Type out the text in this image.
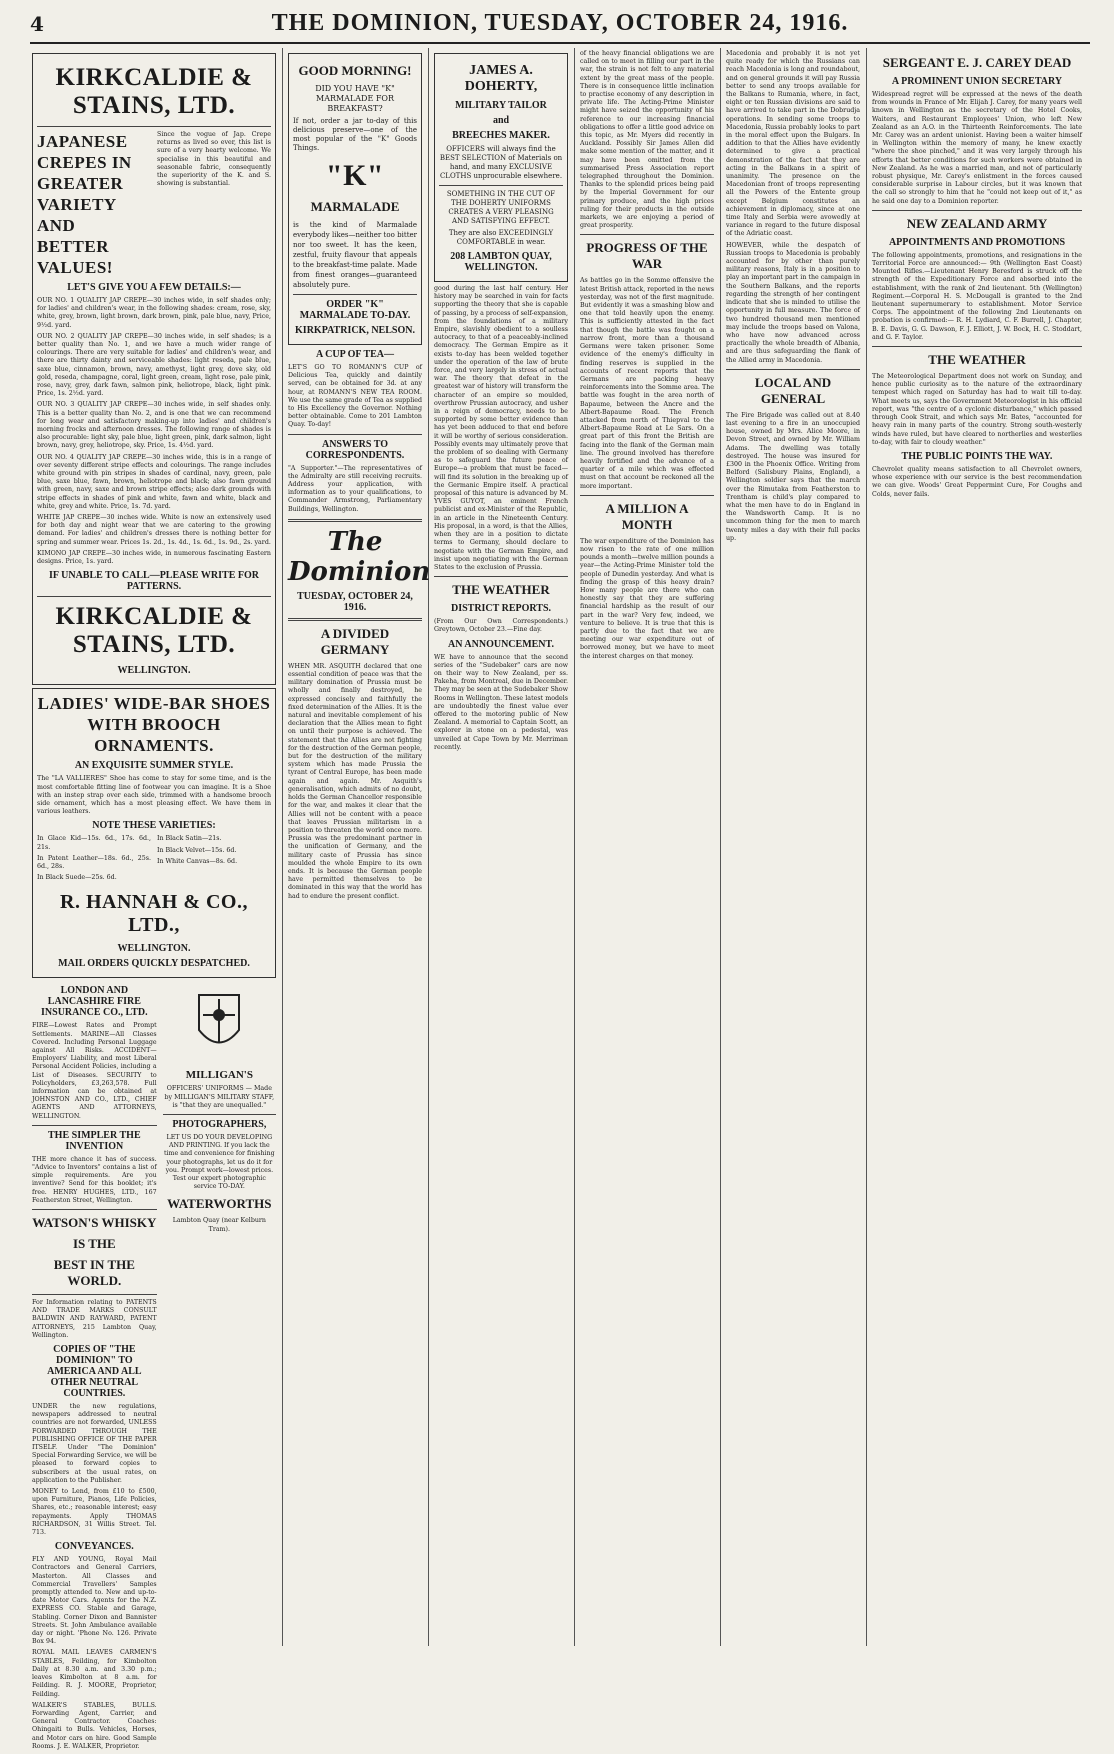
4	THE DOMINION, TUESDAY, OCTOBER 24, 1916.
KIRKCALDIE & STAINS, LTD.
JAPANESE CREPES IN GREATER VARIETY AND BETTER VALUES!
Since the vogue of Jap. Crepe returns as lived so ever, this list is sure of a very hearty welcome. We specialise in this beautiful and seasonable fabric, consequently the superiority of the K. and S. showing is substantial.
LET'S GIVE YOU A FEW DETAILS:—

OUR NO. 1 QUALITY JAP CREPE—30 inches wide, in self shades only; for ladies' and children's wear, in the following shades: cream, rose, sky, white, grey, brown, light brown, dark brown, pink, pale blue, navy, Price, 9½d. yard.

OUR NO. 2 QUALITY JAP CREPE—30 inches wide, in self shades; is a better quality than No. 1, and we have a much wider range of colourings. There are very suitable for ladies' and children's wear, and there are thirty dainty and serviceable shades: light reseda, pale blue, saxe blue, cinnamon, brown, navy, amethyst, light grey, dove sky, old gold, reseda, champagne, coral, light green, cream, light rose, pale pink, rose, navy, grey, dark fawn, salmon pink, heliotrope, black, light pink. Price, 1s. 2½d. yard.

OUR NO. 3 QUALITY JAP CREPE—30 inches wide, in self shades only. This is a better quality than No. 2, and is one that we can recommend for long wear and satisfactory making-up into ladies' and children's morning frocks and afternoon dresses. The following range of shades is also procurable: light sky, pale blue, light green, pink, dark salmon, light brown, navy, grey, heliotrope, sky. Price, 1s. 4½d. yard.

OUR NO. 4 QUALITY JAP CREPE—30 inches wide, this is in a range of over seventy different stripe effects and colourings. The range includes white ground with pin stripes in shades of cardinal, navy, green, pale blue, saxe blue, fawn, brown, heliotrope and black; also fawn ground with green, navy, saxe and brown stripe effects; also dark grounds with stripe effects in shades of pink and white, fawn and white, black and white, grey and white. Price, 1s. 7d. yard.

WHITE JAP CREPE—30 inches wide. White is now an extensively used for both day and night wear that we are catering to the growing demand. For ladies' and children's dresses there is nothing better for spring and summer wear. Prices 1s. 2d., 1s. 4d., 1s. 6d., 1s. 9d., 2s. yard.

KIMONO JAP CREPE—30 inches wide, in numerous fascinating Eastern designs. Price, 1s. yard.

IF UNABLE TO CALL—PLEASE WRITE FOR PATTERNS.
KIRKCALDIE & STAINS, LTD.
WELLINGTON.
LADIES' WIDE-BAR SHOES WITH BROOCH ORNAMENTS.
AN EXQUISITE SUMMER STYLE.

The "LA VALLIERES" Shoe has come to stay for some time, and is the most comfortable fitting line of footwear you can imagine. It is a Shoe with an instep strap over each side, trimmed with a handsome brooch side ornament, which has a most pleasing effect. We have them in various leathers.

NOTE THESE VARIETIES:

In Glace Kid—15s. 6d., 17s. 6d., 21s.

In Patent Leather—18s. 6d., 25s. 6d., 28s.

In Black Suede—25s. 6d.

In Black Satin—21s.

In Black Velvet—15s. 6d.

In White Canvas—8s. 6d.

R. HANNAH & CO., LTD.,
WELLINGTON.
MAIL ORDERS QUICKLY DESPATCHED.
LONDON AND LANCASHIRE FIRE INSURANCE CO., LTD.

FIRE—Lowest Rates and Prompt Settlements. MARINE—All Classes Covered. Including Personal Luggage against All Risks. ACCIDENT—Employers' Liability, and most Liberal Personal Accident Policies, including a List of Diseases. SECURITY to Policyholders, £3,263,578. Full information can be obtained at JOHNSTON AND CO., LTD., CHIEF AGENTS AND ATTORNEYS, WELLINGTON.

THE SIMPLER THE INVENTION

THE more chance it has of success. "Advice to Inventors" contains a list of simple requirements. Are you inventive? Send for this booklet; it's free. HENRY HUGHES, LTD., 167 Featherston Street, Wellington.

WATSON'S WHISKY
IS THE
BEST IN THE WORLD.

For Information relating to PATENTS AND TRADE MARKS CONSULT BALDWIN AND RAYWARD, PATENT ATTORNEYS, 215 Lambton Quay, Wellington.

COPIES OF "THE DOMINION" TO AMERICA AND ALL OTHER NEUTRAL COUNTRIES.

UNDER the new regulations, newspapers addressed to neutral countries are not forwarded, UNLESS FORWARDED THROUGH THE PUBLISHING OFFICE OF THE PAPER ITSELF. Under "The Dominion" Special Forwarding Service, we will be pleased to forward copies to subscribers at the usual rates, on application to the Publisher.

MONEY to Lend, from £10 to £500, upon Furniture, Pianos, Life Policies, Shares, etc.; reasonable interest; easy repayments. Apply THOMAS RICHARDSON, 31 Willis Street. Tel. 713.

CONVEYANCES.

FLY AND YOUNG, Royal Mail Contractors and General Carriers, Masterton. All Classes and Commercial Travellers' Samples promptly attended to. New and up-to-date Motor Cars. Agents for the N.Z. EXPRESS CO. Stable and Garage, Stabling. Corner Dixon and Bannister Streets. St. John Ambulance available day or night. 'Phone No. 126. Private Box 94.

ROYAL MAIL LEAVES CARMEN'S STABLES, Feilding, for Kimbolton Daily at 8.30 a.m. and 3.30 p.m.; leaves Kimbolton at 8 a.m. for Feilding. R. J. MOORE, Proprietor, Feilding.

WALKER'S STABLES, BULLS. Forwarding Agent, Carrier, and General Contractor. Coaches: Ohingaiti to Bulls. Vehicles, Horses, and Motor cars on hire. Good Sample Rooms. J. E. WALKER, Proprietor.

MILLIGAN'S

OFFICERS' UNIFORMS — Made by MILLIGAN'S MILITARY STAFF, is "that they are unequalled."

PHOTOGRAPHERS,

LET US DO YOUR DEVELOPING AND PRINTING. If you lack the time and convenience for finishing your photographs, let us do it for you. Prompt work—lowest prices. Test our expert photographic service TO-DAY.

WATERWORTHS

Lambton Quay (near Kelburn Tram).

GOOD MORNING!

DID YOU HAVE "K" MARMALADE FOR BREAKFAST?

If not, order a jar to-day of this delicious preserve—one of the most popular of the "K" Goods Things.

"K"
MARMALADE

is the kind of Marmalade everybody likes—neither too bitter nor too sweet. It has the keen, zestful, fruity flavour that appeals to the breakfast-time palate. Made from finest oranges—guaranteed absolutely pure.

ORDER "K" MARMALADE TO-DAY.
KIRKPATRICK, NELSON.
A CUP OF TEA—

LET'S GO TO ROMANN'S CUP of Delicious Tea, quickly and daintily served, can be obtained for 3d. at any hour, at ROMANN'S NEW TEA ROOM. We use the same grade of Tea as supplied to His Excellency the Governor. Nothing better obtainable. Come to 201 Lambton Quay. To-day!

ANSWERS TO CORRESPONDENTS.

"A Supporter."—The representatives of the Admiralty are still receiving recruits. Address your application, with information as to your qualifications, to Commander Armstrong, Parliamentary Buildings, Wellington.

The Dominion
TUESDAY, OCTOBER 24, 1916.
A DIVIDED GERMANY

WHEN MR. ASQUITH declared that one essential condition of peace was that the military domination of Prussia must be wholly and finally destroyed, he expressed concisely and faithfully the fixed determination of the Allies. It is the natural and inevitable complement of his declaration that the Allies mean to fight on until their purpose is achieved. The statement that the Allies are not fighting for the destruction of the German people, but for the destruction of the military system which has made Prussia the tyrant of Central Europe, has been made again and again. Mr. Asquith's generalisation, which admits of no doubt, holds the German Chancellor responsible for the war, and makes it clear that the Allies will not be content with a peace that leaves Prussian militarism in a position to threaten the world once more. Prussia was the predominant partner in the unification of Germany, and the military caste of Prussia has since moulded the whole Empire to its own ends. It is because the German people have permitted themselves to be dominated in this way that the world has had to endure the present conflict.

JAMES A. DOHERTY,
MILITARY TAILOR
and
BREECHES MAKER.

OFFICERS will always find the BEST SELECTION of Materials on hand, and many EXCLUSIVE CLOTHS unprocurable elsewhere.

SOMETHING IN THE CUT OF THE DOHERTY UNIFORMS CREATES A VERY PLEASING AND SATISFYING EFFECT.

They are also EXCEEDINGLY COMFORTABLE in wear.

208 LAMBTON QUAY, WELLINGTON.

good during the last half century. Her history may be searched in vain for facts supporting the theory that she is capable of passing, by a process of self-expansion, from the foundations of a military Empire, slavishly obedient to a soulless autocracy, to that of a peaceably-inclined democracy. The German Empire as it exists to-day has been welded together under the operation of the law of brute force, and very largely in stress of actual war. The theory that defeat in the greatest war of history will transform the character of an empire so moulded, overthrow Prussian autocracy, and usher in a reign of democracy, needs to be supported by some better evidence than has yet been adduced to that end before it will be worthy of serious consideration. Possibly events may ultimately prove that the problem of so dealing with Germany as to safeguard the future peace of Europe—a problem that must be faced—will find its solution in the breaking up of the Germanic Empire itself. A practical proposal of this nature is advanced by M. YVES GUYOT, an eminent French publicist and ex-Minister of the Republic, in an article in the Nineteenth Century. His proposal, in a word, is that the Allies, when they are in a position to dictate terms to Germany, should declare to negotiate with the German Empire, and insist upon negotiating with the German States to the exclusion of Prussia.

THE WEATHER
DISTRICT REPORTS.

(From Our Own Correspondents.) Greytown, October 23.—Fine day.

AN ANNOUNCEMENT.

WE have to announce that the second series of the "Sudebaker" cars are now on their way to New Zealand, per ss. Pakeha, from Montreal, due in December. They may be seen at the Sudebaker Show Rooms in Wellington. These latest models are undoubtedly the finest value ever offered to the motoring public of New Zealand. A memorial to Captain Scott, an explorer in stone on a pedestal, was unveiled at Cape Town by Mr. Merriman recently.

of the heavy financial obligations we are called on to meet in filling our part in the war, the strain is not felt to any material extent by the great mass of the people. There is in consequence little inclination to practise economy of any description in private life. The Acting-Prime Minister might have seized the opportunity of his reference to our increasing financial obligations to offer a little good advice on this topic, as Mr. Myers did recently in Auckland. Possibly Sir James Allen did make some mention of the matter, and it may have been omitted from the summarised Press Association report telegraphed throughout the Dominion. Thanks to the splendid prices being paid by the Imperial Government for our primary produce, and the high prices ruling for their products in the outside markets, we are enjoying a period of great prosperity.

PROGRESS OF THE WAR

As battles go in the Somme offensive the latest British attack, reported in the news yesterday, was not of the first magnitude. But evidently it was a smashing blow and one that told heavily upon the enemy. This is sufficiently attested in the fact that though the battle was fought on a narrow front, more than a thousand Germans were taken prisoner. Some evidence of the enemy's difficulty in finding reserves is supplied in the accounts of recent reports that the Germans are packing heavy reinforcements into the Somme area. The battle was fought in the area north of Bapaume, between the Ancre and the Albert-Bapaume Road. The French attacked from north of Thiepval to the Albert-Bapaume Road at Le Sars. On a great part of this front the British are facing into the flank of the German main line. The ground involved has therefore heavily fortified and the advance of a quarter of a mile which was effected must on that account be reckoned all the more important.

A MILLION A MONTH

The war expenditure of the Dominion has now risen to the rate of one million pounds a month—twelve million pounds a year—the Acting-Prime Minister told the people of Dunedin yesterday. And what is finding the grasp of this heavy drain? How many people are there who can honestly say that they are suffering financial hardship as the result of our part in the war? Very few, indeed, we venture to believe. It is true that this is partly due to the fact that we are meeting our war expenditure out of borrowed money, but we have to meet the interest charges on that money.

Macedonia and probably it is not yet quite ready for which the Russians can reach Macedonia is long and roundabout, and on general grounds it will pay Russia better to send any troops available for the Balkans to Rumania, where, in fact, eight or ten Russian divisions are said to have arrived to take part in the Dobrudja operations. In sending some troops to Macedonia, Russia probably looks to part in the moral effect upon the Bulgars. In addition to that the Allies have evidently determined to give a practical demonstration of the fact that they are acting in the Balkans in a spirit of unanimity. The presence on the Macedonian front of troops representing all the Powers of the Entente group except Belgium constitutes an achievement in diplomacy, since at one time Italy and Serbia were avowedly at variance in regard to the future disposal of the Adriatic coast.

HOWEVER, while the despatch of Russian troops to Macedonia is probably accounted for by other than purely military reasons, Italy is in a position to play an important part in the campaign in the Southern Balkans, and the reports regarding the strength of her contingent indicate that she is minded to utilise the opportunity in full measure. The force of two hundred thousand men mentioned may include the troops based on Valona, who have now advanced across practically the whole breadth of Albania, and are thus safeguarding the flank of the Allied army in Macedonia.

LOCAL AND GENERAL

The Fire Brigade was called out at 8.40 last evening to a fire in an unoccupied house, owned by Mrs. Alice Moore, in Devon Street, and owned by Mr. William Adams. The dwelling was totally destroyed. The house was insured for £300 in the Phoenix Office. Writing from Belford (Salisbury Plains, England), a Wellington soldier says that the march over the Rimutaka from Featherston to Trentham is child's play compared to what the men have to do in England in the Wandsworth Camp. It is no uncommon thing for the men to march twenty miles a day with their full packs up.

SERGEANT E. J. CAREY DEAD
A PROMINENT UNION SECRETARY

Widespread regret will be expressed at the news of the death from wounds in France of Mr. Elijah J. Carey, for many years well known in Wellington as the secretary of the Hotel Cooks, Waiters, and Restaurant Employees' Union, who left New Zealand as an A.O. in the Thirteenth Reinforcements. The late Mr. Carey was an ardent unionist. Having been a waiter himself in Wellington within the memory of many, he knew exactly "where the shoe pinched," and it was very largely through his efforts that better conditions for such workers were obtained in New Zealand. As he was a married man, and not of particularly robust physique, Mr. Carey's enlistment in the forces caused considerable surprise in Labour circles, but it was known that the call so strongly to him that he "could not keep out of it," as he said one day to a Dominion reporter.

NEW ZEALAND ARMY
APPOINTMENTS AND PROMOTIONS

The following appointments, promotions, and resignations in the Territorial Force are announced:— 9th (Wellington East Coast) Mounted Rifles.—Lieutenant Henry Beresford is struck off the strength of the Expeditionary Force and absorbed into the establishment, with the rank of 2nd lieutenant. 5th (Wellington) Regiment.—Corporal H. S. McDougall is granted to the 2nd lieutenant supernumerary to establishment. Motor Service Corps. The appointment of the following 2nd Lieutenants on probation is confirmed:— R. H. Lydiard, C. F. Burrell, J. Chapter, B. E. Davis, G. G. Dawson, F. J. Elliott, J. W. Bock, H. C. Stoddart, and G. F. Taylor.

THE WEATHER

The Meteorological Department does not work on Sunday, and hence public curiosity as to the nature of the extraordinary tempest which raged on Saturday has had to wait till to-day. What meets us, says the Government Meteorologist in his official report, was "the centre of a cyclonic disturbance," which passed through Cook Strait, and which says Mr. Bates, "accounted for heavy rain in many parts of the country. Strong south-westerly winds have ruled, but have cleared to northerlies and westerlies to-day, with fair to cloudy weather."

THE PUBLIC POINTS THE WAY.

Chevrolet quality means satisfaction to all Chevrolet owners, whose experience with our service is the best recommendation we can give. Woods' Great Peppermint Cure, For Coughs and Colds, never fails.
